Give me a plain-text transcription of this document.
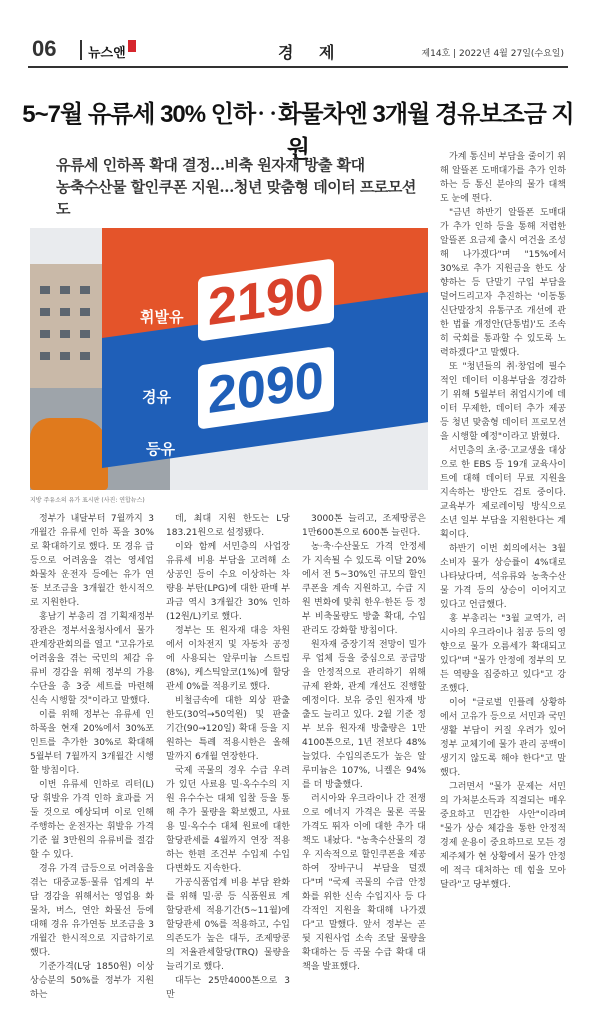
06 뉴스앤	경 제	제14호 | 2022년 4월 27일(수요일)
5~7월 유류세 30% 인하‥화물차엔 3개월 경유보조금 지원
유류세 인하폭 확대 결정…비축 원자재 방출 확대
농축수산물 할인쿠폰 지원…청년 맞춤형 데이터 프로모션도
휘발유 2190
경유 2090
등유
지방 주유소의 유가 표시판 (사진: 연합뉴스)

가계 통신비 부담을 줄이기 위해 알뜰폰 도매대가를 추가 인하하는 등 통신 분야의 물가 대책도 눈에 띈다.

"금년 하반기 알뜰폰 도매대가 추가 인하 등을 통해 저렴한 알뜰폰 요금제 출시 여건을 조성해 나가겠다"며 "15%에서 30%로 추가 지원금을 한도 상향하는 등 단말기 구입 부담을 덜어드리고자 추진하는 '이동통신단말장치 유통구조 개선에 관한 법률 개정안(단통법)'도 조속히 국회를 통과할 수 있도록 노력하겠다"고 말했다.

또 "청년들의 취·창업에 필수적인 데이터 이용부담을 경감하기 위해 5월부터 취업시기에 데이터 무제한, 데이터 추가 제공 등 청년 맞춤형 데이터 프로모션을 시행할 예정"이라고 밝혔다.

서민층의 초·중·고교생을 대상으로 한 EBS 등 19개 교육사이트에 대해 데이터 무료 지원을 지속하는 방안도 검토 중이다. 교육부가 제로레이팅 방식으로 소년 일부 부담을 지원한다는 계획이다.

하반기 이번 회의에서는 3월 소비자 물가 상승률이 4%대로 나타났다며, 석유류와 농축수산물 가격 등의 상승이 이어지고 있다고 언급했다.

홍 부총리는 "3월 교역가, 러시아의 우크라이나 침공 등의 영향으로 물가 오름세가 확대되고 있다"며 "물가 안정에 정부의 모든 역량을 집중하고 있다"고 강조했다.

이어 "글로벌 인플레 상황하에서 고유가 등으로 서민과 국민 생활 부담이 커질 우려가 있어 정부 교체기에 물가 관리 공백이 생기지 않도록 해야 한다"고 말했다.

그러면서 "물가 문제는 서민의 가처분소득과 직결되는 매우 중요하고 민감한 사안"이라며 "물가 상승 체감을 통한 안정적 경제 운용이 중요하므로 모든 경제주체가 현 상황에서 물가 안정에 적극 대처하는 데 힘을 모아 달라"고 당부했다.

정부가 내달부터 7월까지 3개월간 유류세 인하 폭을 30%로 확대하기로 했다. 또 경유 급등으로 어려움을 겪는 영세업 화물차 운전자 등에는 유가 연동 보조금을 3개월간 한시적으로 지원한다.

홍남기 부총리 겸 기획재정부 장관은 정부서울청사에서 물가관계장관회의를 열고 "고유가로 어려움을 겪는 국민의 체감 유류비 경감을 위해 정부의 가용 수단을 총 3중 세트를 마련해 신속 시행할 것"이라고 말했다.

이를 위해 정부는 유류세 인하폭을 현재 20%에서 30%포인트를 추가한 30%로 확대해 5월부터 7월까지 3개월간 시행할 방침이다.

이번 유류세 인하로 리터(L)당 휘발유 가격 인하 효과를 거둘 것으로 예상되며 이로 인해 주행하는 운전자는 휘발유 가격 기준 월 3만원의 유류비를 절감할 수 있다.

경유 가격 급등으로 어려움을 겪는 대중교통·물류 업계의 부담 경감을 위해서는 영업용 화물차, 버스, 연안 화물선 등에 대해 경유 유가연동 보조금을 3개월간 한시적으로 지급하기로 했다.

기준가격(L당 1850원) 이상 상승분의 50%를 정부가 지원하는

데, 최대 지원 한도는 L당 183.21원으로 설정됐다.

이와 함께 서민층의 사업장 유류세 비용 부담을 고려해 소상공인 등이 수요 이상하는 차량용 부탄(LPG)에 대한 판매 부과금 역시 3개월간 30% 인하(12원/L)키로 했다.

정부는 또 원자재 대응 차원에서 이차전지 및 자동차 공정에 사용되는 알루미늄 스트립(8%), 케스틱알코(1%)에 할당관세 0%를 적용키로 했다.

비철금속에 대한 외상 판출 한도(30억→50억원) 및 판출 기간(90→120일) 확대 등을 지원하는 특례 적용시한은 올해 말까지 6개월 연장한다.

국제 곡물의 경우 수급 우려가 있던 사료용 밀·옥수수의 지원 유수수는 대체 입찰 등을 통해 추가 물량을 확보했고, 사료용 밀·옥수수 대체 원료에 대한 할당관세를 4월까지 연장 적용하는 한편 조건부 수입제 수입 다변화도 지속한다.

가공식품업계 비용 부담 완화를 위해 밀·콩 등 식품원료 계 할당관세 적용기간(5~11월)에 할당관세 0%를 적용하고, 수입 의존도가 높은 대두, 조제땅콩의 저율관세할당(TRQ) 물량을 늘리기로 했다.

대두는 25만4000톤으로 3만

3000톤 늘리고, 조제땅콩은 1만600톤으로 600톤 늘린다.

농·축·수산물도 가격 안정세가 지속될 수 있도록 이달 20%에서 전 5~30%인 규모의 할인쿠폰을 계속 지원하고, 수급 지원 변화에 맞춰 한우·한돈 등 정부 비축물량도 방출 확대, 수입관리도 강화할 방침이다.

원자재 중장기적 전망이 밀가루 업체 등을 중심으로 공급망을 안정적으로 관리하기 위해 규제 완화, 관계 개선도 진행할 예정이다. 보유 중인 원자재 방출도 늘리고 있다. 2월 기준 정부 보유 원자재 방출량은 1만4100톤으로, 1년 전보다 48% 늘었다. 수입의존도가 높은 알루미늄은 107%, 니켈은 94%를 더 방출했다.

러시아와 우크라이나 간 전쟁으로 에너지 가격은 물론 곡물 가격도 뛰자 이에 대한 추가 대책도 내놨다. "농축수산물의 경우 지속적으로 할인쿠폰을 제공하여 장바구니 부담을 덜겠다"며 "국제 곡물의 수급 안정화를 위한 신속 수입지사 등 다각적인 지원을 확대해 나가겠다"고 말했다. 앞서 정부는 곧 뒷 지원사업 소속 조달 물량을 확대하는 등 곡물 수급 확대 대책을 발표했다.
